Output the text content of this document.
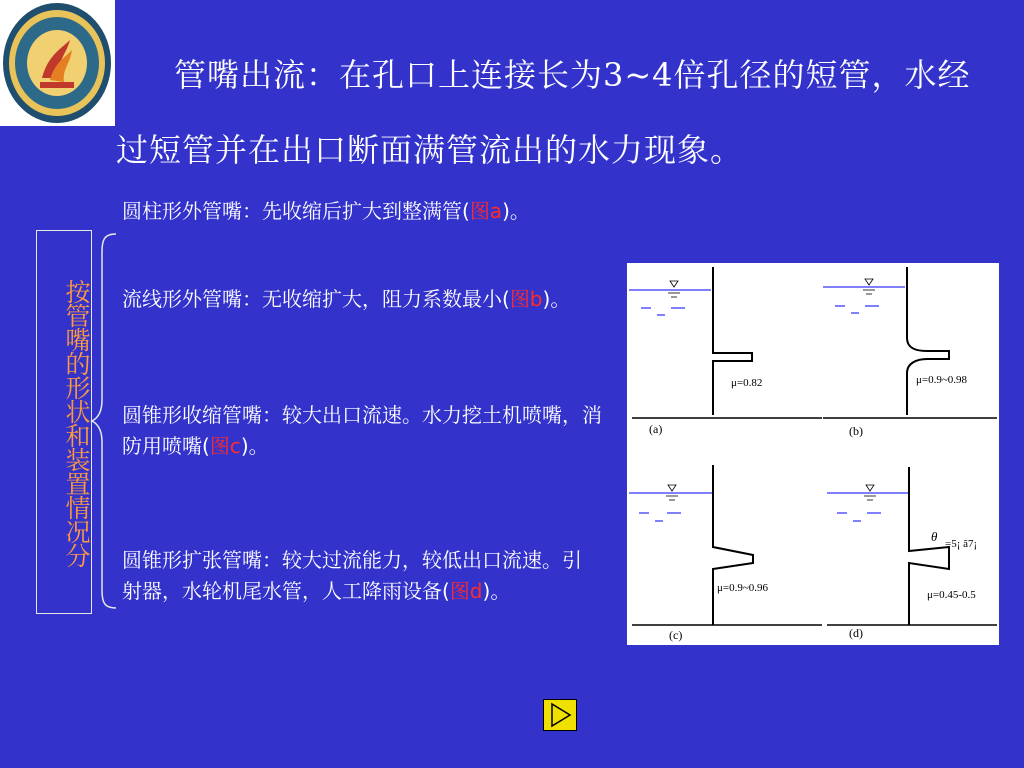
管嘴出流：在孔口上连接长为3~4倍孔径的短管，水经过短管并在出口断面满管流出的水力现象。
按管嘴的形状和装置情况分
圆柱形外管嘴：先收缩后扩大到整满管(图a)。
流线形外管嘴：无收缩扩大，阻力系数最小(图b)。
圆锥形收缩管嘴：较大出口流速。水力挖土机喷嘴，消防用喷嘴(图c)。
圆锥形扩张管嘴：较大过流能力，较低出口流速。引射器，水轮机尾水管，人工降雨设备(图d)。
μ=0.82
(a)
μ=0.9~0.98
(b)
μ=0.9~0.96
(c)
θ =5¡ ã7¡
μ=0.45-0.5
(d)
